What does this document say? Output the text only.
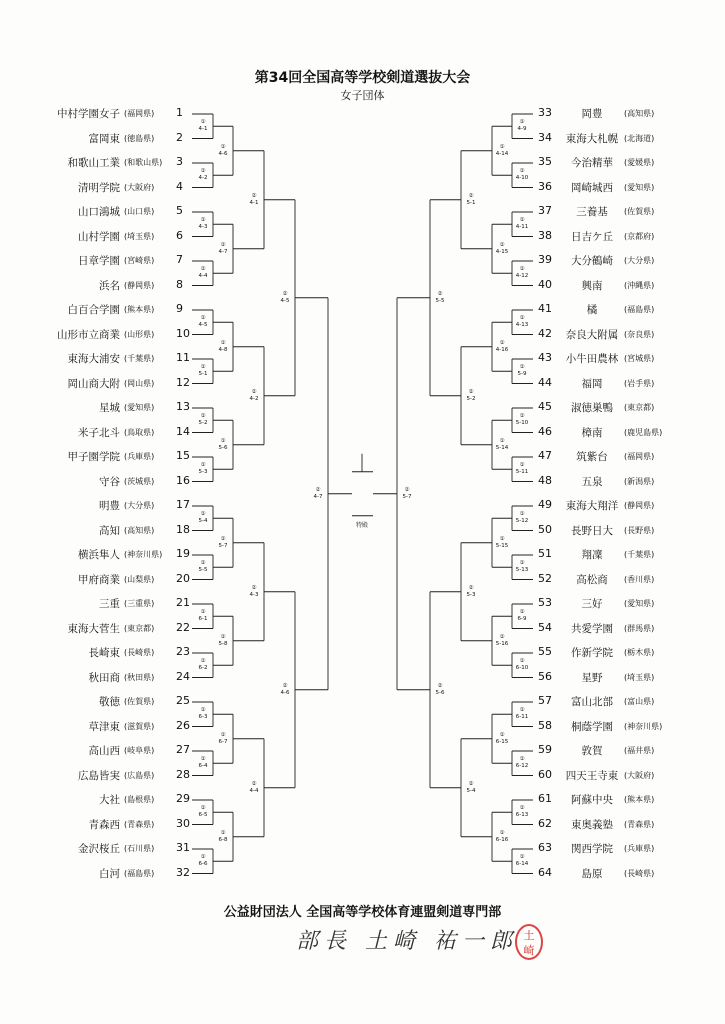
第34回全国高等学校剣道選抜大会
女子団体
中村学園女子 (福岡県) 1
富岡東 (徳島県) 2
和歌山工業 (和歌山県) 3
清明学院 (大阪府) 4
山口鴻城 (山口県) 5
山村学園 (埼玉県) 6
日章学園 (宮崎県) 7
浜名 (静岡県) 8
白百合学園 (熊本県) 9
山形市立商業 (山形県) 10
東海大浦安 (千葉県) 11
岡山商大附 (岡山県) 12
星城 (愛知県) 13
米子北斗 (鳥取県) 14
甲子園学院 (兵庫県) 15
守谷 (茨城県) 16
明豊 (大分県) 17
高知 (高知県) 18
横浜隼人 (神奈川県) 19
甲府商業 (山梨県) 20
三重 (三重県) 21
東海大菅生 (東京都) 22
長崎東 (長崎県) 23
秋田商 (秋田県) 24
敬徳 (佐賀県) 25
草津東 (滋賀県) 26
高山西 (岐阜県) 27
広島皆実 (広島県) 28
大社 (島根県) 29
青森西 (青森県) 30
金沢桜丘 (石川県) 31
白河 (福島県) 32
33	岡豊	(高知県)
34	東海大札幌 (北海道)
35	今治精華	(愛媛県)
36	岡崎城西	(愛知県)
37	三養基	(佐賀県)
38	日吉ケ丘	(京都府)
39	大分鶴崎	(大分県)
40	興南	(沖縄県)
41	橘	(福島県)
42	奈良大附属 (奈良県)
43	小牛田農林 (宮城県)
44	福岡	(岩手県)
45	淑徳巣鴨	(東京都)
46	樟南	(鹿児島県)
47	筑紫台	(福岡県)
48	五泉	(新潟県)
49	東海大翔洋 (静岡県)
50	長野日大	(長野県)
51	翔凜	(千葉県)
52	高松商	(香川県)
53	三好	(愛知県)
54	共愛学園	(群馬県)
55	作新学院	(栃木県)
56	星野	(埼玉県)
57	富山北部	(富山県)
58	桐蔭学園	(神奈川県)
59	敦賀	(福井県)
60	四天王寺東 (大阪府)
61	阿蘇中央	(熊本県)
62	東奥義塾	(青森県)
63	関西学院	(兵庫県)
64	島原	(長崎県)
①
4-1
①
4-2
①
4-3
①
4-4
①
4-5
①
5-1
①
5-2
①
5-3
①
5-4
①
5-5
①
6-1
①
6-2
①
6-3
①
6-4
①
6-5
①
6-6
①
4-6
①
4-7
①
4-8
①
5-6
①
5-7
①
5-8
①
6-7
①
6-8
②
4-1
②
4-2
②
4-3
②
4-4
②
4-5
②
4-6
②
4-7
①
4-9
①
4-10
①
4-11
①
4-12
①
4-13
①
5-9
①
5-10
①
5-11
①
5-12
①
5-13
①
6-9
①
6-10
①
6-11
①
6-12
①
6-13
①
6-14
①
4-14
①
4-15
①
4-16
①
5-14
①
5-15
①
5-16
①
6-15
①
6-16
②
5-1
②
5-2
②
5-3
②
5-4
②
5-5
②
5-6
②
5-7
特殿
公益財団法人 全国高等学校体育連盟剣道専門部
部長 土崎 祐一郎 土
崎
